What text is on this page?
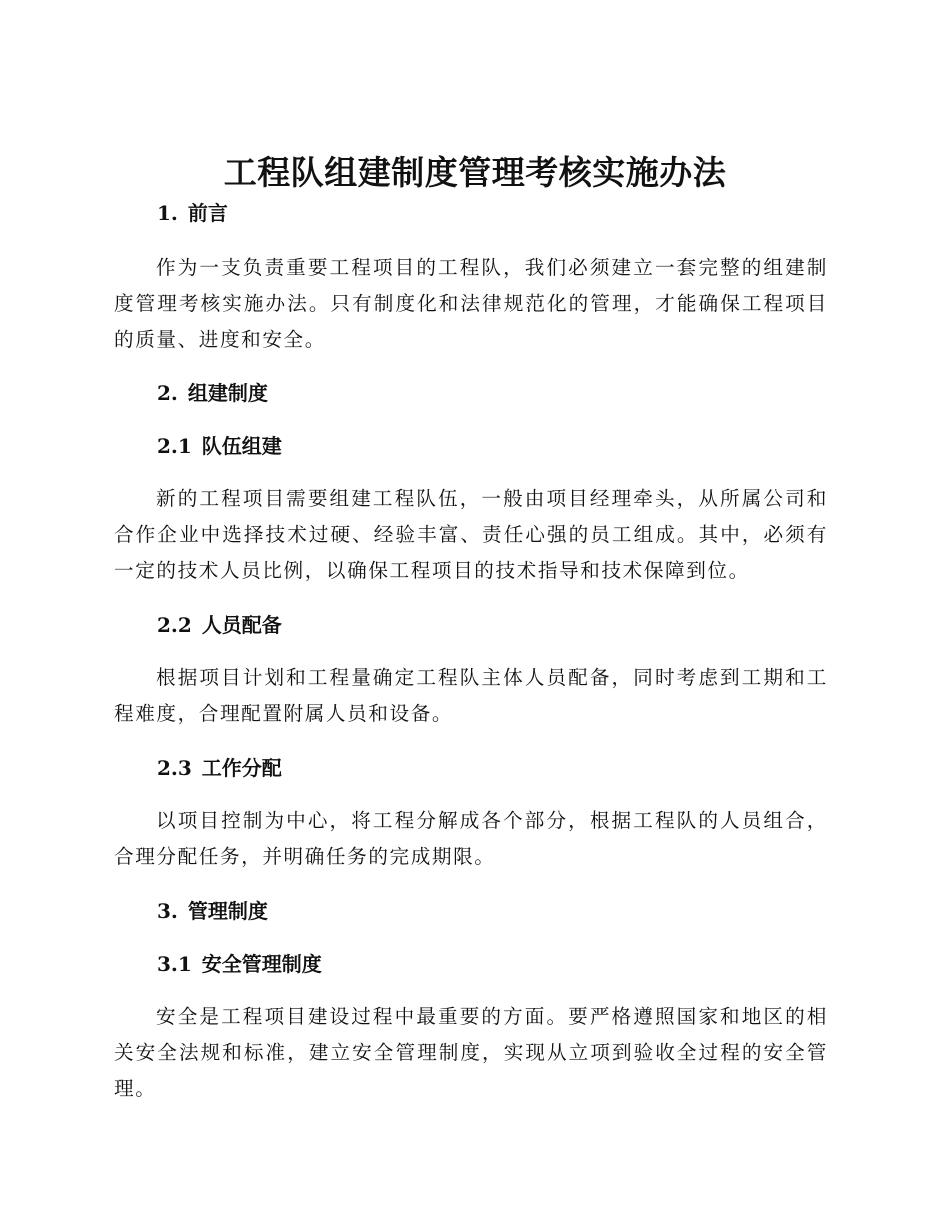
工程队组建制度管理考核实施办法
1. 前言

作为一支负责重要工程项目的工程队，我们必须建立一套完整的组建制度管理考核实施办法。只有制度化和法律规范化的管理，才能确保工程项目的质量、进度和安全。

2. 组建制度
2.1 队伍组建

新的工程项目需要组建工程队伍，一般由项目经理牵头，从所属公司和合作企业中选择技术过硬、经验丰富、责任心强的员工组成。其中，必须有一定的技术人员比例，以确保工程项目的技术指导和技术保障到位。

2.2 人员配备

根据项目计划和工程量确定工程队主体人员配备，同时考虑到工期和工程难度，合理配置附属人员和设备。

2.3 工作分配

以项目控制为中心，将工程分解成各个部分，根据工程队的人员组合，合理分配任务，并明确任务的完成期限。

3. 管理制度
3.1 安全管理制度

安全是工程项目建设过程中最重要的方面。要严格遵照国家和地区的相关安全法规和标准，建立安全管理制度，实现从立项到验收全过程的安全管理。
